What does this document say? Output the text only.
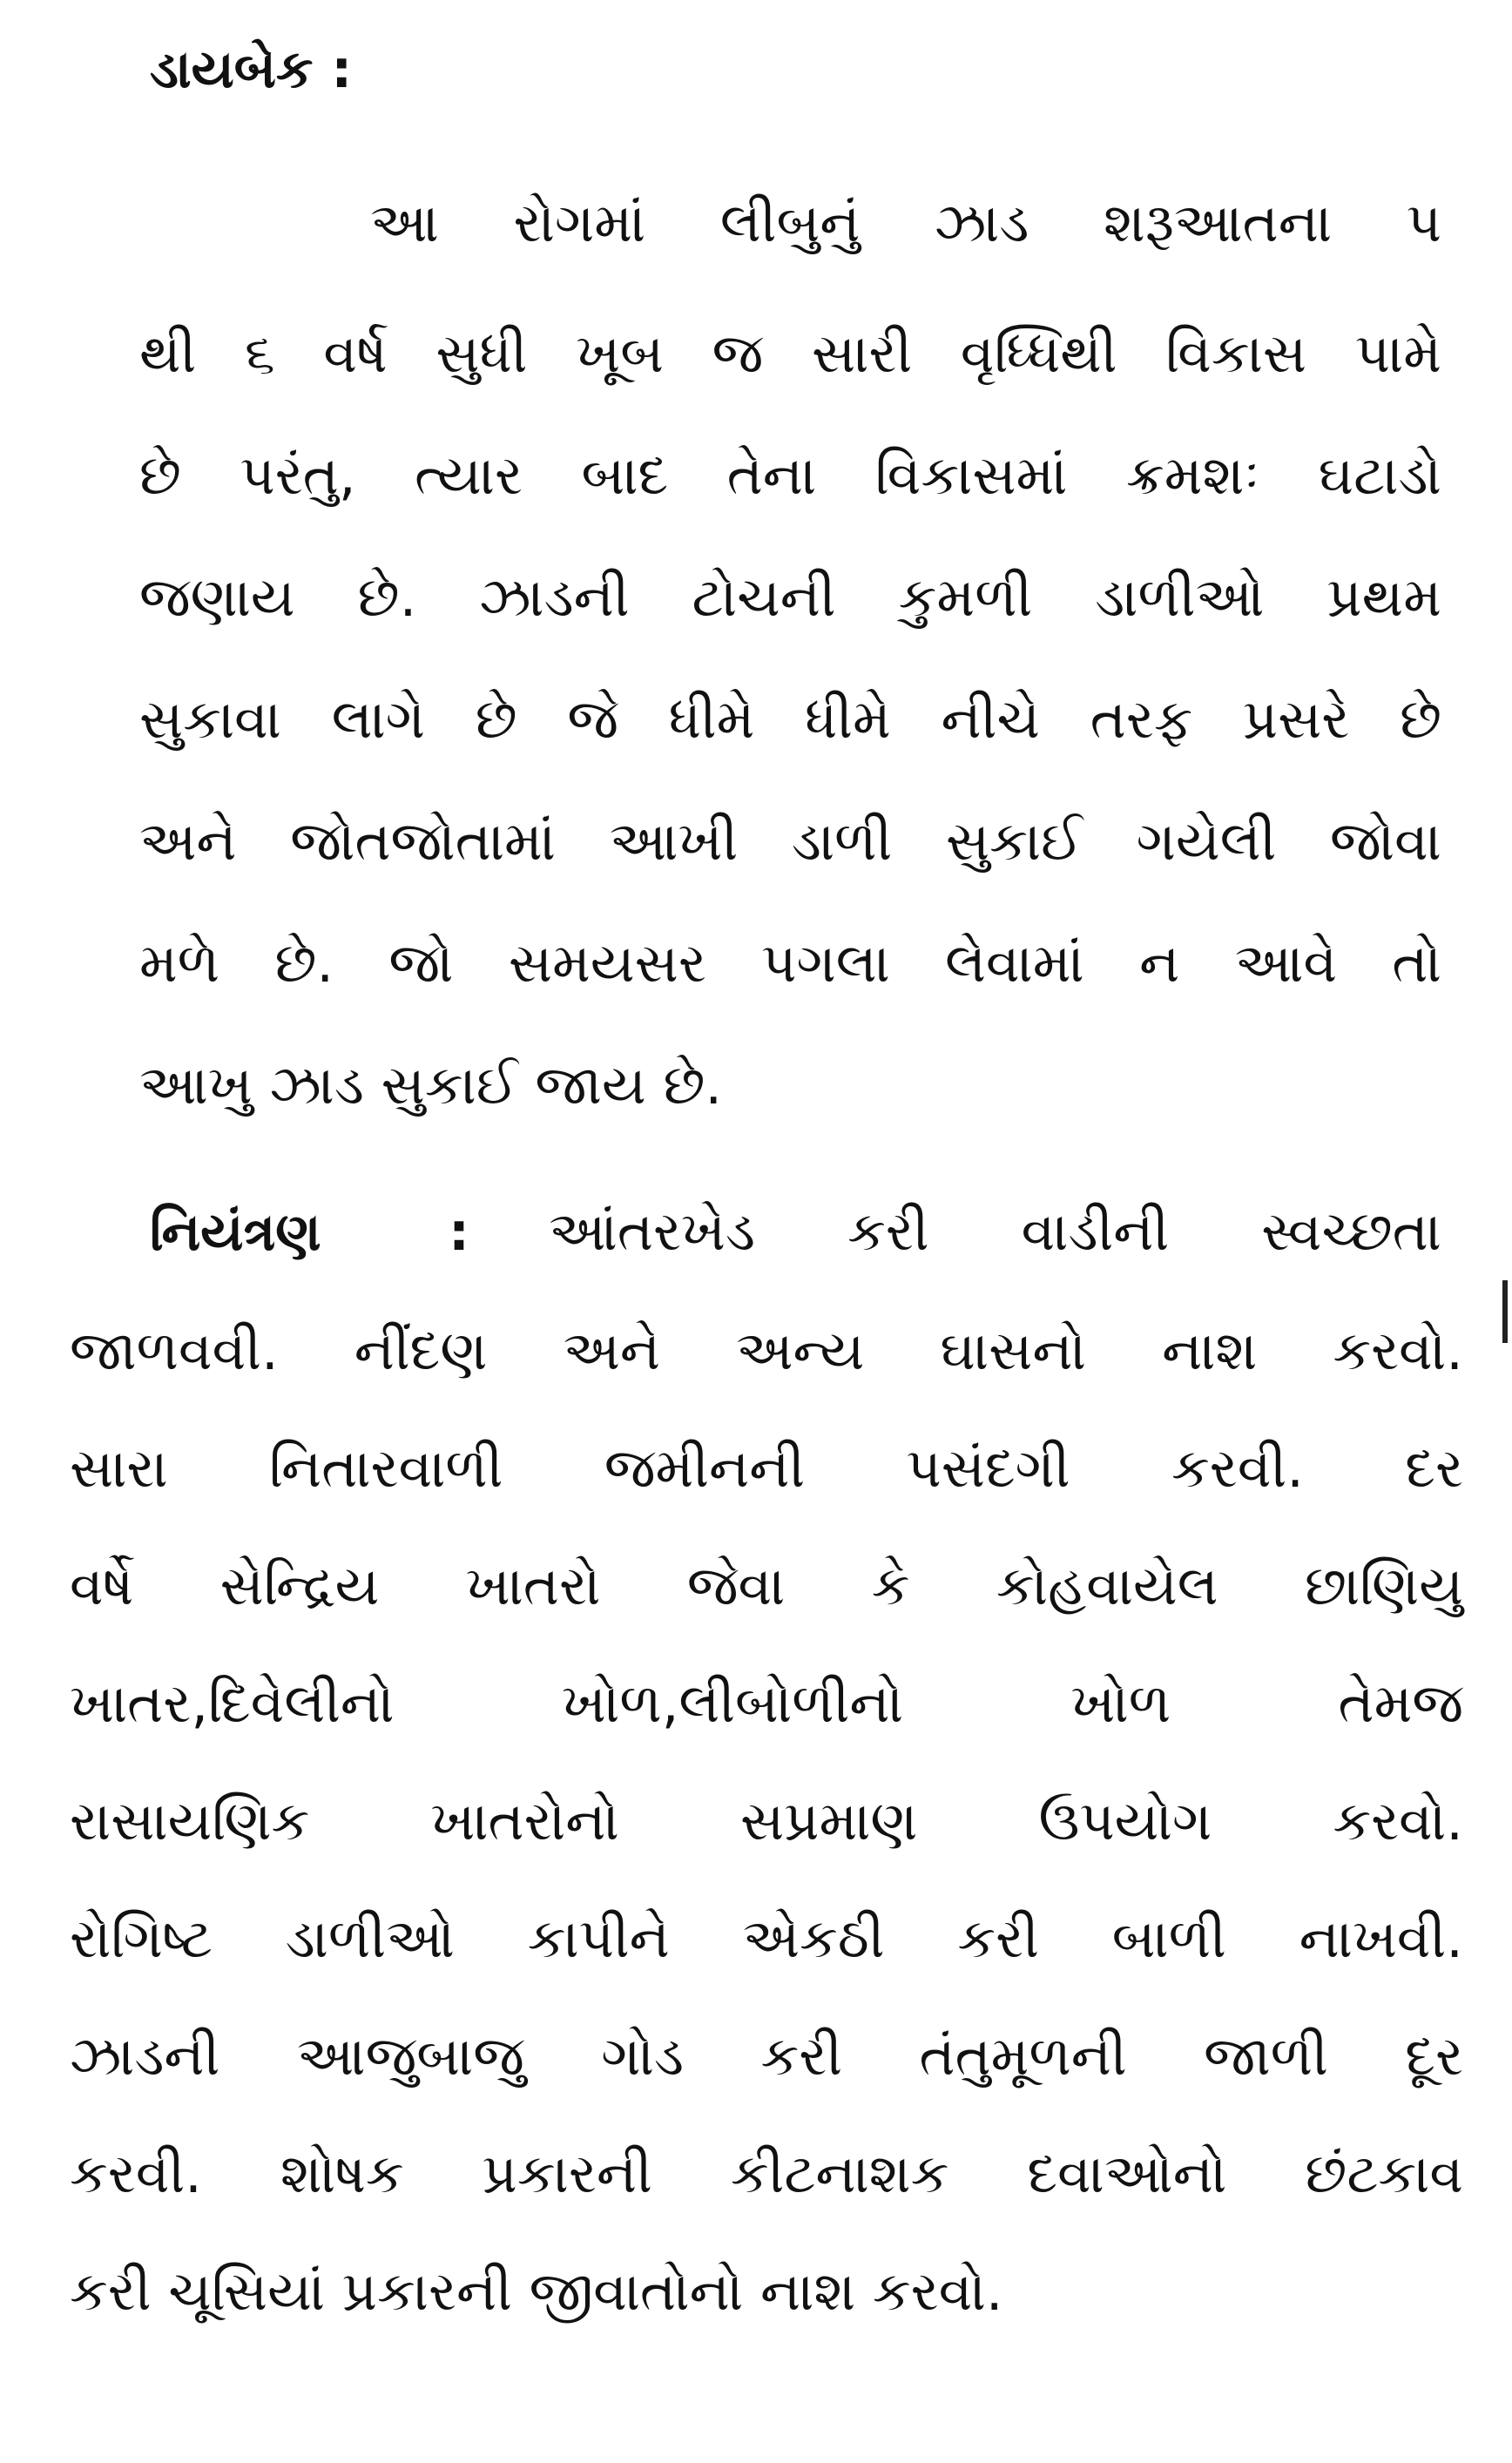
ડાયબેક :
આ રોગમાં લીબુનું ઝાડ શરૂઆતના પ
થી ૬ વર્ષ સુધી ખૂબ જ સારી વૃધ્ધિથી વિકાસ પામે
છે પરંતુ, ત્યાર બાદ તેના વિકાસમાં ક્રમશઃ ઘટાડો
જણાય છે. ઝાડની ટોચની કુમળી ડાળીઓ પ્રથમ
સુકાવા લાગે છે જે ધીમે ધીમે નીચે તરફ પ્રસરે છે
અને જોતજોતામાં આખી ડાળી સુકાઈ ગયેલી જોવા
મળે છે. જો સમયસર પગલા લેવામાં ન આવે તો
આખુ ઝાડ સુકાઈ જાય છે.
નિયંત્રણ : આંતરખેડ કરી વાડીની સ્વચ્છતા
જાળવવી. નીંદણ અને અન્ય ઘાસનો નાશ કરવો.
સારા નિતારવાળી જમીનની પસંદગી કરવી. દર
વર્ષે સેન્દ્રિય ખાતરો જેવા કે કોહવાયેલ છાણિયુ
ખાતર,દિવેલીનો ખોળ,લીબોળીનો ખોળ તેમજ
રાસાયણિક ખાતરોનો સપ્રમાણ ઉપયોગ કરવો.
રોગિષ્ટ ડાળીઓ કાપીને એકઠી કરી બાળી નાખવી.
ઝાડની આજુબાજુ ગોડ કરી તંતુમૂળની જાળી દૂર
કરવી. શોષક પ્રકારની કીટનાશક દવાઓનો છંટકાવ
કરી ચૂસિયાં પ્રકારની જીવાતોનો નાશ કરવો.
